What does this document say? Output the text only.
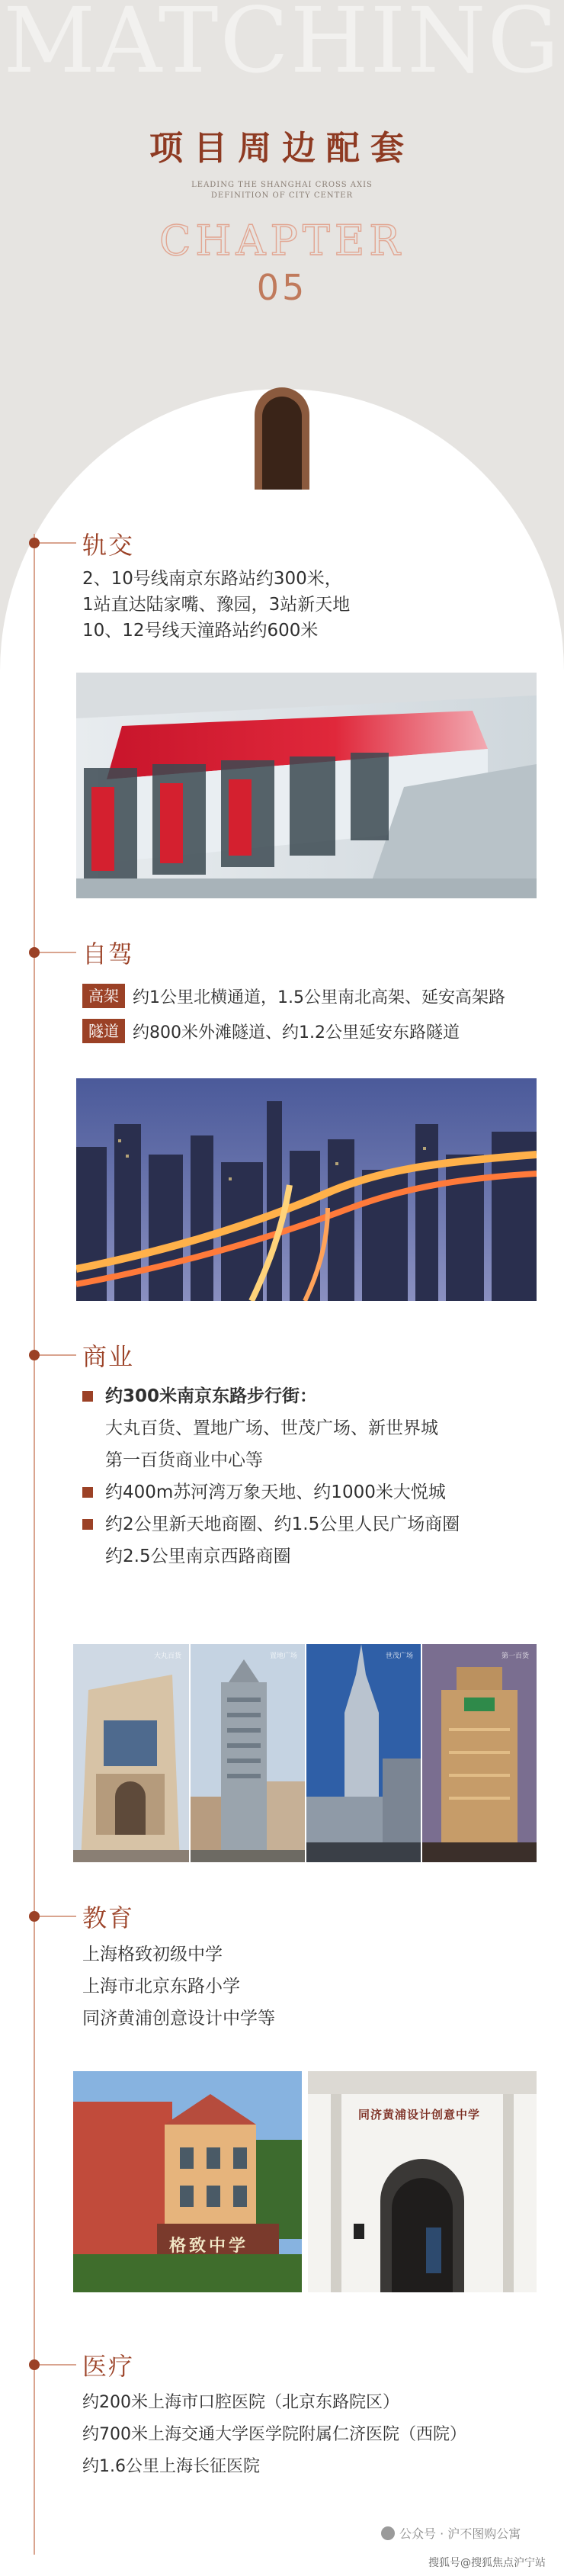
MATCHING
项目周边配套
LEADING THE SHANGHAI CROSS AXIS
DEFINITION OF CITY CENTER
CHAPTER
05
轨交
2、10号线南京东路站约300米，
1站直达陆家嘴、豫园，3站新天地
10、12号线天潼路站约600米
自驾
高架 约1公里北横通道，1.5公里南北高架、延安高架路
隧道 约800米外滩隧道、约1.2公里延安东路隧道
商业
约300米南京东路步行街：
大丸百货、置地广场、世茂广场、新世界城
第一百货商业中心等
约400m苏河湾万象天地、约1000米大悦城
约2公里新天地商圈、约1.5公里人民广场商圈
约2.5公里南京西路商圈
大丸百货	置地广场	世茂广场	第一百货
教育
上海格致初级中学
上海市北京东路小学
同济黄浦创意设计中学等
格致中学
同济黄浦设计创意中学
医疗
约200米上海市口腔医院（北京东路院区）
约700米上海交通大学医学院附属仁济医院（西院）
约1.6公里上海长征医院
公众号 · 沪不图购公寓
搜狐号@搜狐焦点沪宁站
